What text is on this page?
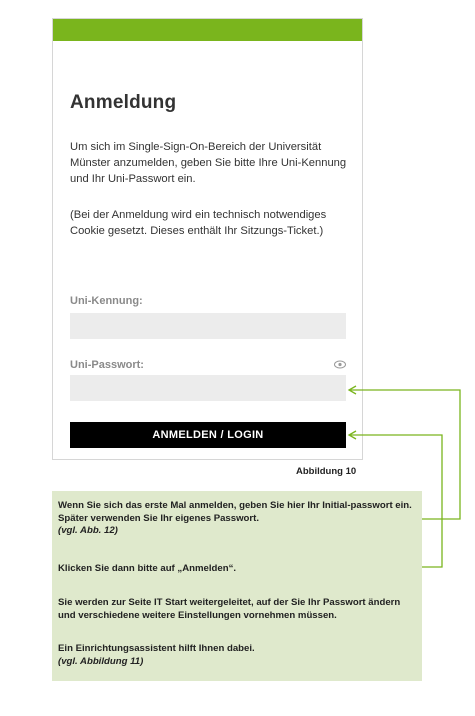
Anmeldung
Um sich im Single-Sign-On-Bereich der Universität Münster anzumelden, geben Sie bitte Ihre Uni-Kennung und Ihr Uni-Passwort ein.
(Bei der Anmeldung wird ein technisch notwendiges Cookie gesetzt. Dieses enthält Ihr Sitzungs-Ticket.)
Uni-Kennung:
Uni-Passwort:
ANMELDEN / LOGIN
Abbildung 10

Wenn Sie sich das erste Mal anmelden, geben Sie hier Ihr Initial-passwort ein. Später verwenden Sie Ihr eigenes Passwort.
(vgl. Abb. 12)

Klicken Sie dann bitte auf „Anmelden“.

Sie werden zur Seite IT Start weitergeleitet, auf der Sie Ihr Passwort ändern und verschiedene weitere Einstellungen vornehmen müssen.

Ein Einrichtungsassistent hilft Ihnen dabei.
(vgl. Abbildung 11)
